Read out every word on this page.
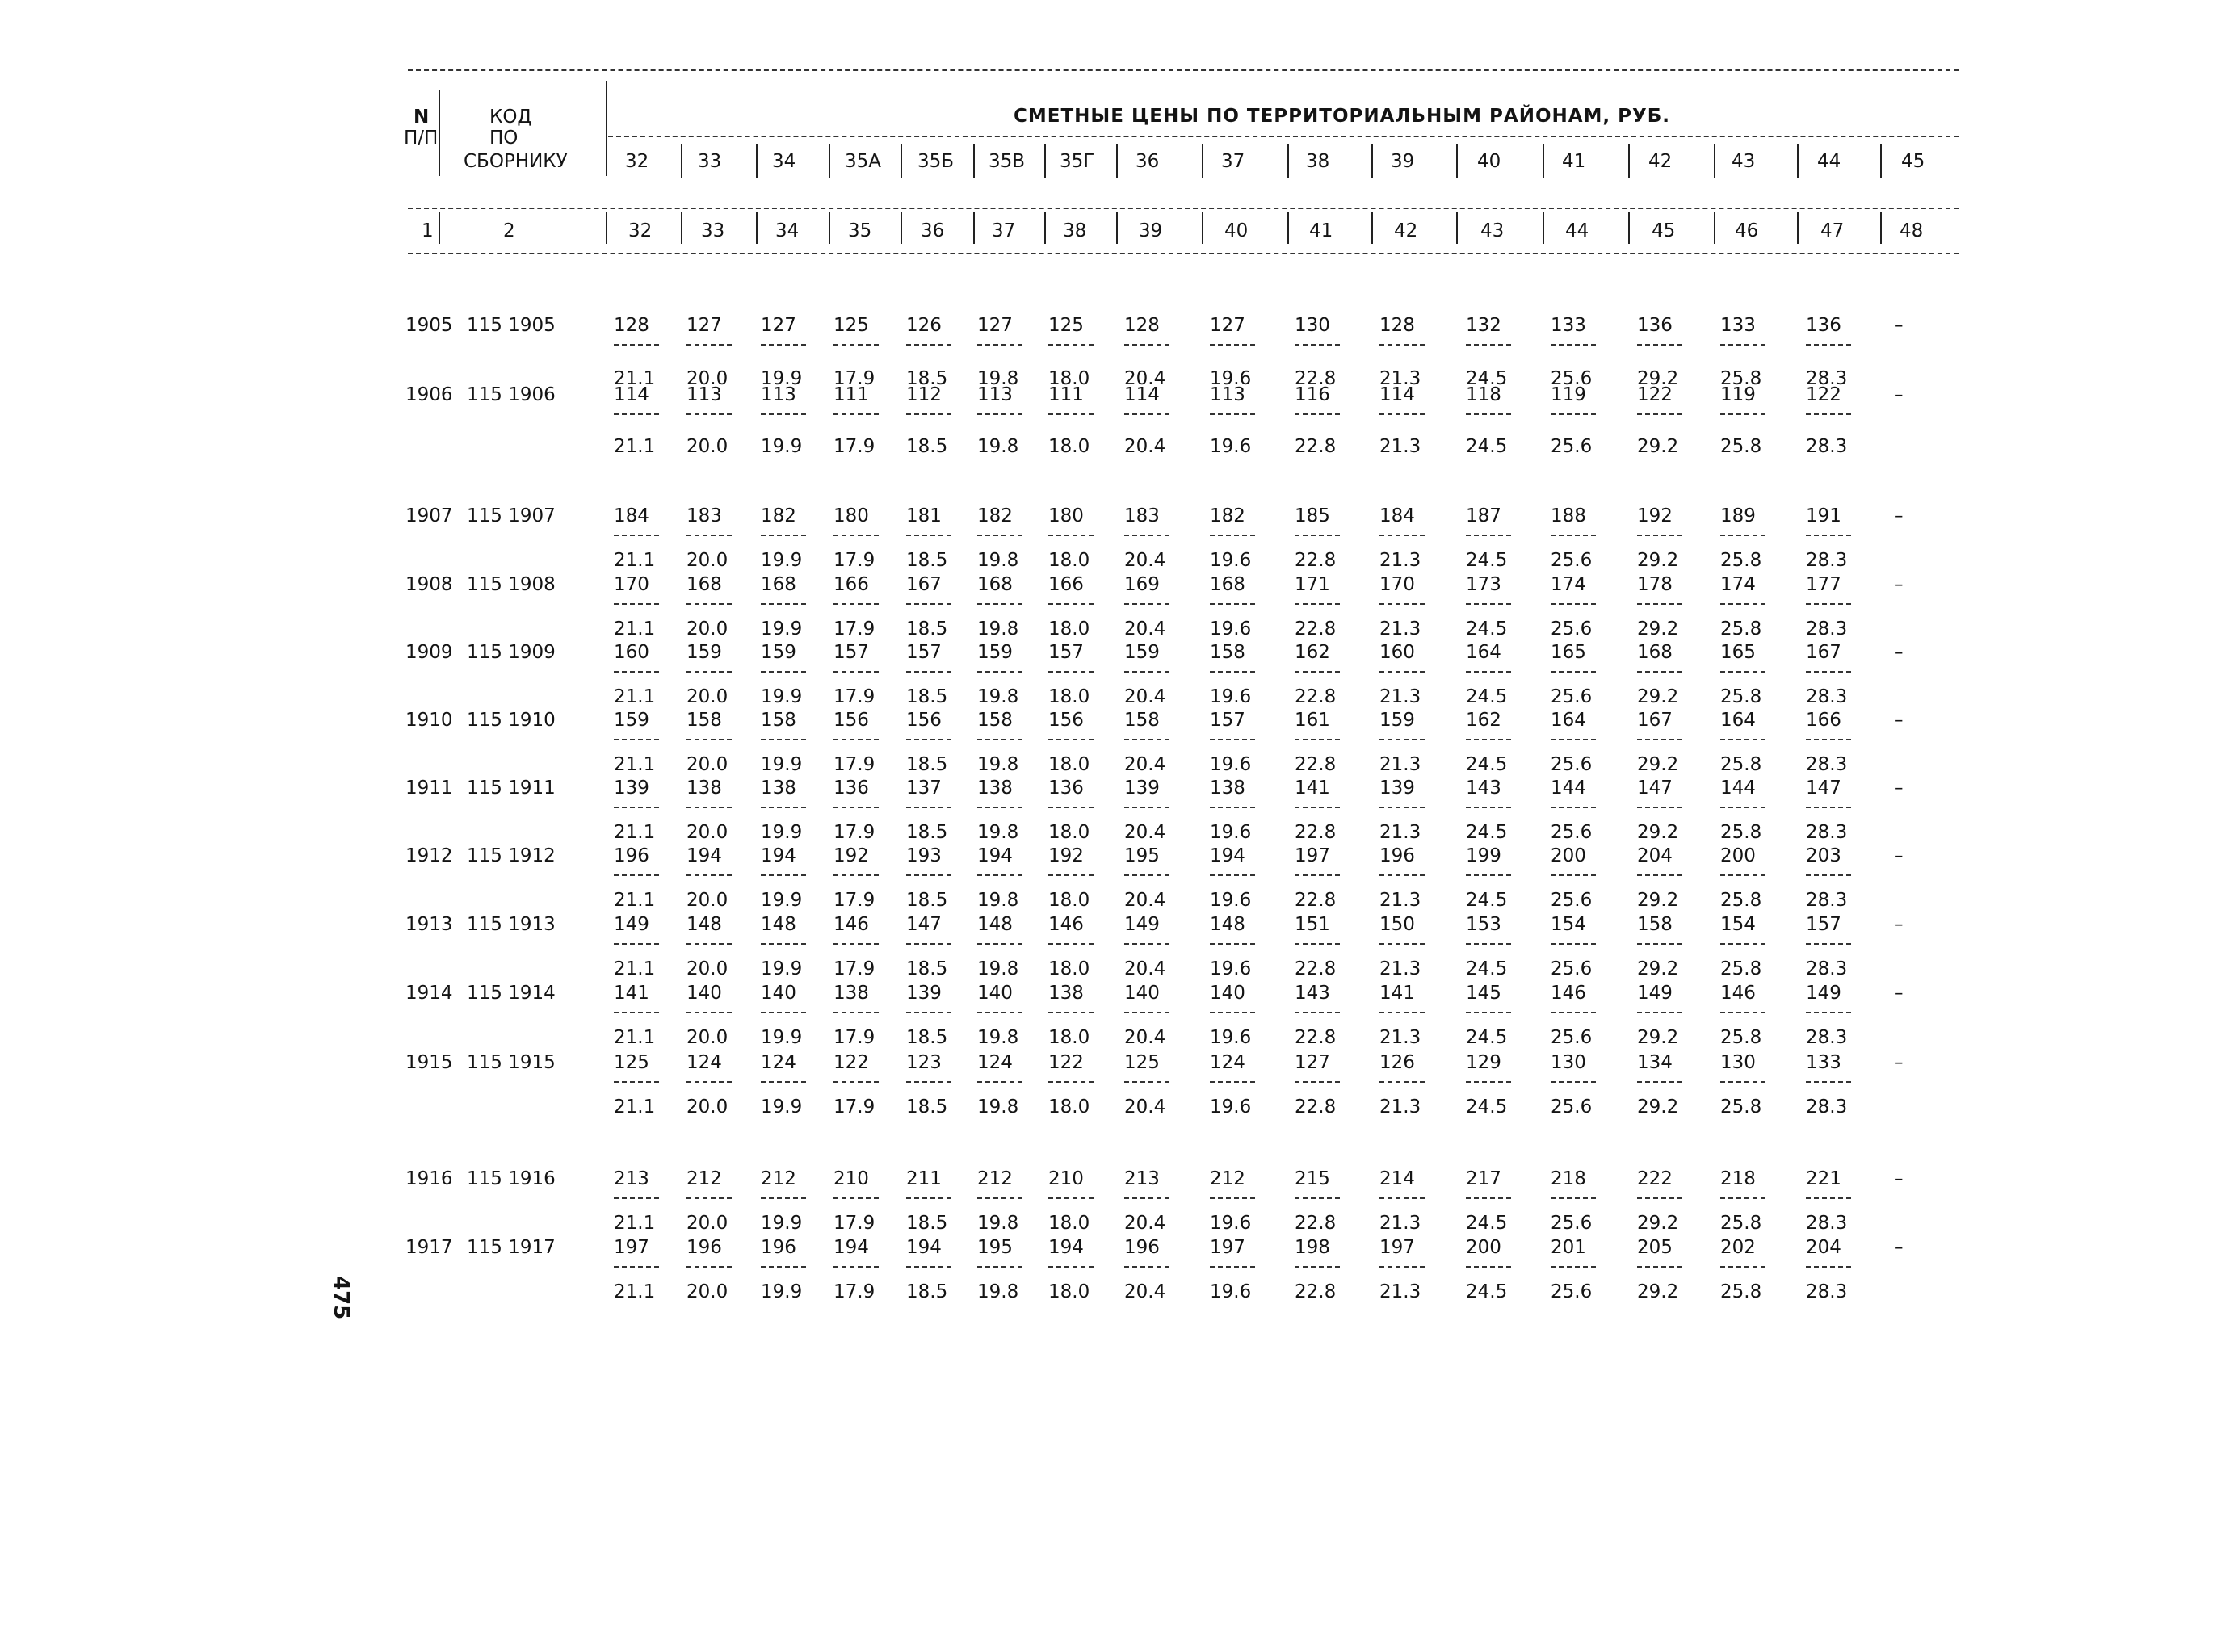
N
П/П
КОД
ПО
СБОРНИКУ
СМЕТНЫЕ ЦЕНЫ ПО ТЕРРИТОРИАЛЬНЫМ РАЙОНАМ, РУБ.
32	33	34	35А 35Б 35В 35Г 36	37	38	39	40	41	42	43	44	45
1	2	32	33	34	35	36	37	38	39	40	41	42	43	44	45	46	47	48
1905 115 1905	128 127 127 125 126 127 125 128	127	130	128	132	133	136	133	136	–
21.1 20.0 19.9 17.9 18.5 19.8 18.0 20.4 19.6 22.8 21.3 24.5 25.6 29.2 25.8 28.3
1906 115 1906	114 113 113 111 112 113 111 114	113	116	114	118	119	122	119	122	–
21.1 20.0 19.9 17.9 18.5 19.8 18.0 20.4 19.6 22.8 21.3 24.5 25.6 29.2 25.8 28.3
1907 115 1907	184 183 182 180 181 182 180 183	182	185	184	187	188	192	189	191	–
21.1 20.0 19.9 17.9 18.5 19.8 18.0 20.4 19.6 22.8 21.3 24.5 25.6 29.2 25.8 28.3
1908 115 1908	170 168 168 166 167 168 166 169	168	171	170	173	174	178	174	177	–
21.1 20.0 19.9 17.9 18.5 19.8 18.0 20.4 19.6 22.8 21.3 24.5 25.6 29.2 25.8 28.3
1909 115 1909	160 159 159 157 157 159 157 159	158	162	160	164	165	168	165	167	–
21.1 20.0 19.9 17.9 18.5 19.8 18.0 20.4 19.6 22.8 21.3 24.5 25.6 29.2 25.8 28.3
1910 115 1910	159 158 158 156 156 158 156 158	157	161	159	162	164	167	164	166	–
21.1 20.0 19.9 17.9 18.5 19.8 18.0 20.4 19.6 22.8 21.3 24.5 25.6 29.2 25.8 28.3
1911 115 1911	139 138 138 136 137 138 136 139	138	141	139	143	144	147	144	147	–
21.1 20.0 19.9 17.9 18.5 19.8 18.0 20.4 19.6 22.8 21.3 24.5 25.6 29.2 25.8 28.3
1912 115 1912	196 194 194 192 193 194 192 195	194	197	196	199	200	204	200	203	–
21.1 20.0 19.9 17.9 18.5 19.8 18.0 20.4 19.6 22.8 21.3 24.5 25.6 29.2 25.8 28.3
1913 115 1913	149 148 148 146 147 148 146 149	148	151	150	153	154	158	154	157	–
21.1 20.0 19.9 17.9 18.5 19.8 18.0 20.4 19.6 22.8 21.3 24.5 25.6 29.2 25.8 28.3
1914 115 1914	141 140 140 138 139 140 138 140	140	143	141	145	146	149	146	149	–
21.1 20.0 19.9 17.9 18.5 19.8 18.0 20.4 19.6 22.8 21.3 24.5 25.6 29.2 25.8 28.3
1915 115 1915	125 124 124 122 123 124 122 125	124	127	126	129	130	134	130	133	–
21.1 20.0 19.9 17.9 18.5 19.8 18.0 20.4 19.6 22.8 21.3 24.5 25.6 29.2 25.8 28.3
1916 115 1916	213 212 212 210 211 212 210 213	212	215	214	217	218	222	218	221	–
21.1 20.0 19.9 17.9 18.5 19.8 18.0 20.4 19.6 22.8 21.3 24.5 25.6 29.2 25.8 28.3
1917 115 1917	197 196 196 194 194 195 194 196	197	198	197	200	201	205	202	204	–
21.1 20.0 19.9 17.9 18.5 19.8 18.0 20.4 19.6 22.8 21.3 24.5 25.6 29.2 25.8 28.3
475
